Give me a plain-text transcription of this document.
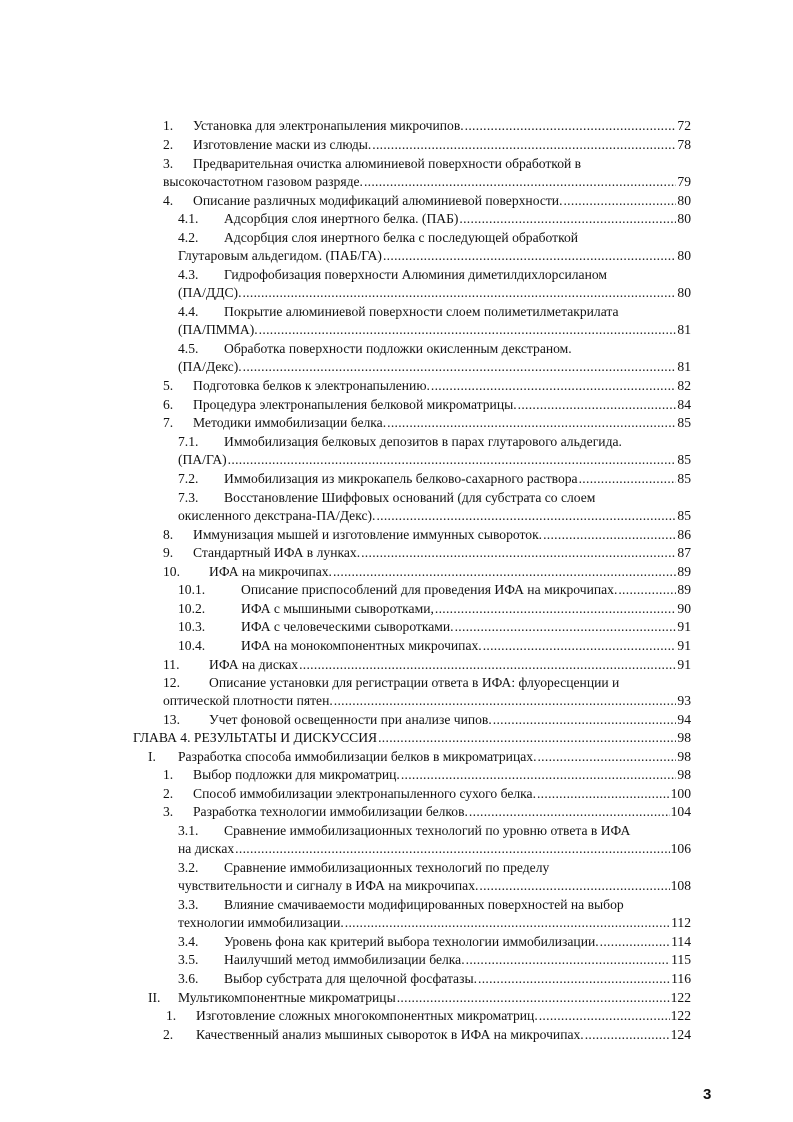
1. Установка для электронапыления микрочипов. .....	72
2. Изготовление маски из слюды. .....	78
3. Предварительная очистка алюминиевой поверхности обработкой в
высокочастотном газовом разряде. .....	79
4. Описание различных модификаций алюминиевой поверхности. .....	80
4.1. Адсорбция слоя инертного белка. (ПАБ) .....	80
4.2. Адсорбция слоя инертного белка с последующей обработкой
Глутаровым альдегидом. (ПАБ/ГА) .....	80
4.3. Гидрофобизация поверхности Алюминия диметилдихлорсиланом
(ПА/ДДС). .....	80
4.4. Покрытие алюминиевой поверхности слоем полиметилметакрилата
(ПА/ПММА). .....	81
4.5. Обработка поверхности подложки окисленным декстраном.
(ПА/Декс). .....	81
5. Подготовка белков к электронапылению. .....	82
6. Процедура электронапыления белковой микроматрицы. .....	84
7. Методики иммобилизации белка. .....	85
7.1. Иммобилизация белковых депозитов в парах глутарового альдегида.
(ПА/ГА) .....	85
7.2. Иммобилизация из микрокапель белково-сахарного раствора .....	85
7.3. Восстановление Шиффовых оснований (для субстрата со слоем
окисленного декстрана-ПА/Декс). .....	85
8. Иммунизация мышей и изготовление иммунных сывороток. .....	86
9. Стандартный ИФА в лунках. .....	87
10. ИФА на микрочипах. .....	89
10.1.	Описание приспособлений для проведения ИФА на микрочипах. .....	89
10.2.	ИФА с мышиными сыворотками, .....	90
10.3.	ИФА с человеческими сыворотками. .....	91
10.4.	ИФА на монокомпонентных микрочипах. .....	91
11. ИФА на дисках .....	91
12. Описание установки для регистрации ответа в ИФА: флуоресценции и
оптической плотности пятен. .....	93
13. Учет фоновой освещенности при анализе чипов. .....	94
ГЛАВА 4. РЕЗУЛЬТАТЫ И ДИСКУССИЯ .....	98
I. Разработка способа иммобилизации белков в микроматрицах. .....	98
1. Выбор подложки для микроматриц. .....	98
2. Способ иммобилизации электронапыленного сухого белка. .....	100
3. Разработка технологии иммобилизации белков. .....	104
3.1. Сравнение иммобилизационных технологий по уровню ответа в ИФА
на дисках .....	106
3.2. Сравнение иммобилизационных технологий по пределу
чувствительности и сигналу в ИФА на микрочипах. .....	108
3.3. Влияние смачиваемости модифицированных поверхностей на выбор
технологии иммобилизации. .....	112
3.4. Уровень фона как критерий выбора технологии иммобилизации. .....	114
3.5. Наилучший метод иммобилизации белка. .....	115
3.6. Выбор субстрата для щелочной фосфатазы. .....	116
II. Мультикомпонентные микроматрицы .....	122
1. Изготовление сложных многокомпонентных микроматриц. .....	122
2. Качественный анализ мышиных сывороток в ИФА на микрочипах. .....	124
3
